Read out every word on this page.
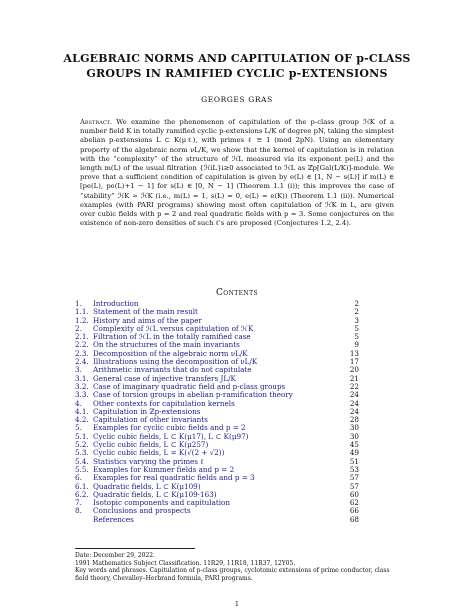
ALGEBRAIC NORMS AND CAPITULATION OF p-CLASS
GROUPS IN RAMIFIED CYCLIC p-EXTENSIONS
GEORGES GRAS
Abstract. We examine the phenomenon of capitulation of the p-class group ℋK of a number field K in totally ramified cyclic p-extensions L/K of degree pN, taking the simplest abelian p-extensions L ⊂ K(μℓ), with primes ℓ ≡ 1 (mod 2pN). Using an elementary property of the algebraic norm νL/K, we show that the kernel of capitulation is in relation with the “complexity” of the structure of ℋL measured via its exponent pe(L) and the length m(L) of the usual filtration {ℋiL}i≥0 associated to ℋL as ℤp[Gal(L/K)]-module. We prove that a sufficient condition of capitulation is given by e(L) ∈ [1, N − s(L)] if m(L) ∈ [pe(L), pe(L)+1 − 1] for s(L) ∈ [0, N − 1] (Theorem 1.1 (i)); this improves the case of “stability” ℋK ≃ ℋK (i.e., m(L) = 1, s(L) = 0, e(L) = e(K)) (Theorem 1.1 (ii)). Numerical examples (with PARI programs) showing most often capitulation of ℋK in L, are given over cubic fields with p = 2 and real quadratic fields with p = 3. Some conjectures on the existence of non-zero densities of such ℓ's are proposed (Conjectures 1.2, 2.4).
Contents
1. Introduction	2
1.1. Statement of the main result	2
1.2. History and aims of the paper	3
2. Complexity of ℋL versus capitulation of ℋK	5
2.1. Filtration of ℋL in the totally ramified case	5
2.2. On the structures of the main invariants	9
2.3. Decomposition of the algebraic norm νL/K	13
2.4. Illustrations using the decomposition of νL/K	17
3. Arithmetic invariants that do not capitulate	20
3.1. General case of injective transfers JL/K	21
3.2. Case of imaginary quadratic field and p-class groups	22
3.3. Case of torsion groups in abelian p-ramification theory	24
4. Other contexts for capitulation kernels	24
4.1. Capitulation in ℤp-extensions	24
4.2. Capitulation of other invariants	28
5. Examples for cyclic cubic fields and p = 2	30
5.1. Cyclic cubic fields, L ⊂ K(μ17), L ⊂ K(μ97)	30
5.2. Cyclic cubic fields, L ⊂ K(μ257)	45
5.3. Cyclic cubic fields, L = K(√(2 + √2))	49
5.4. Statistics varying the primes ℓ	51
5.5. Examples for Kummer fields and p = 2	53
6. Examples for real quadratic fields and p = 3	57
6.1. Quadratic fields, L ⊂ K(μ109)	57
6.2. Quadratic fields, L ⊂ K(μ109·163)	60
7. Isotopic components and capitulation	62
8. Conclusions and prospects	66
References	68
Date: December 29, 2022.
1991 Mathematics Subject Classification. 11R29, 11R18, 11R37, 12Y05.
Key words and phrases. Capitulation of p-class groups, cyclotomic extensions of prime conductor, class field theory, Chevalley–Herbrand formula, PARI programs.
1
